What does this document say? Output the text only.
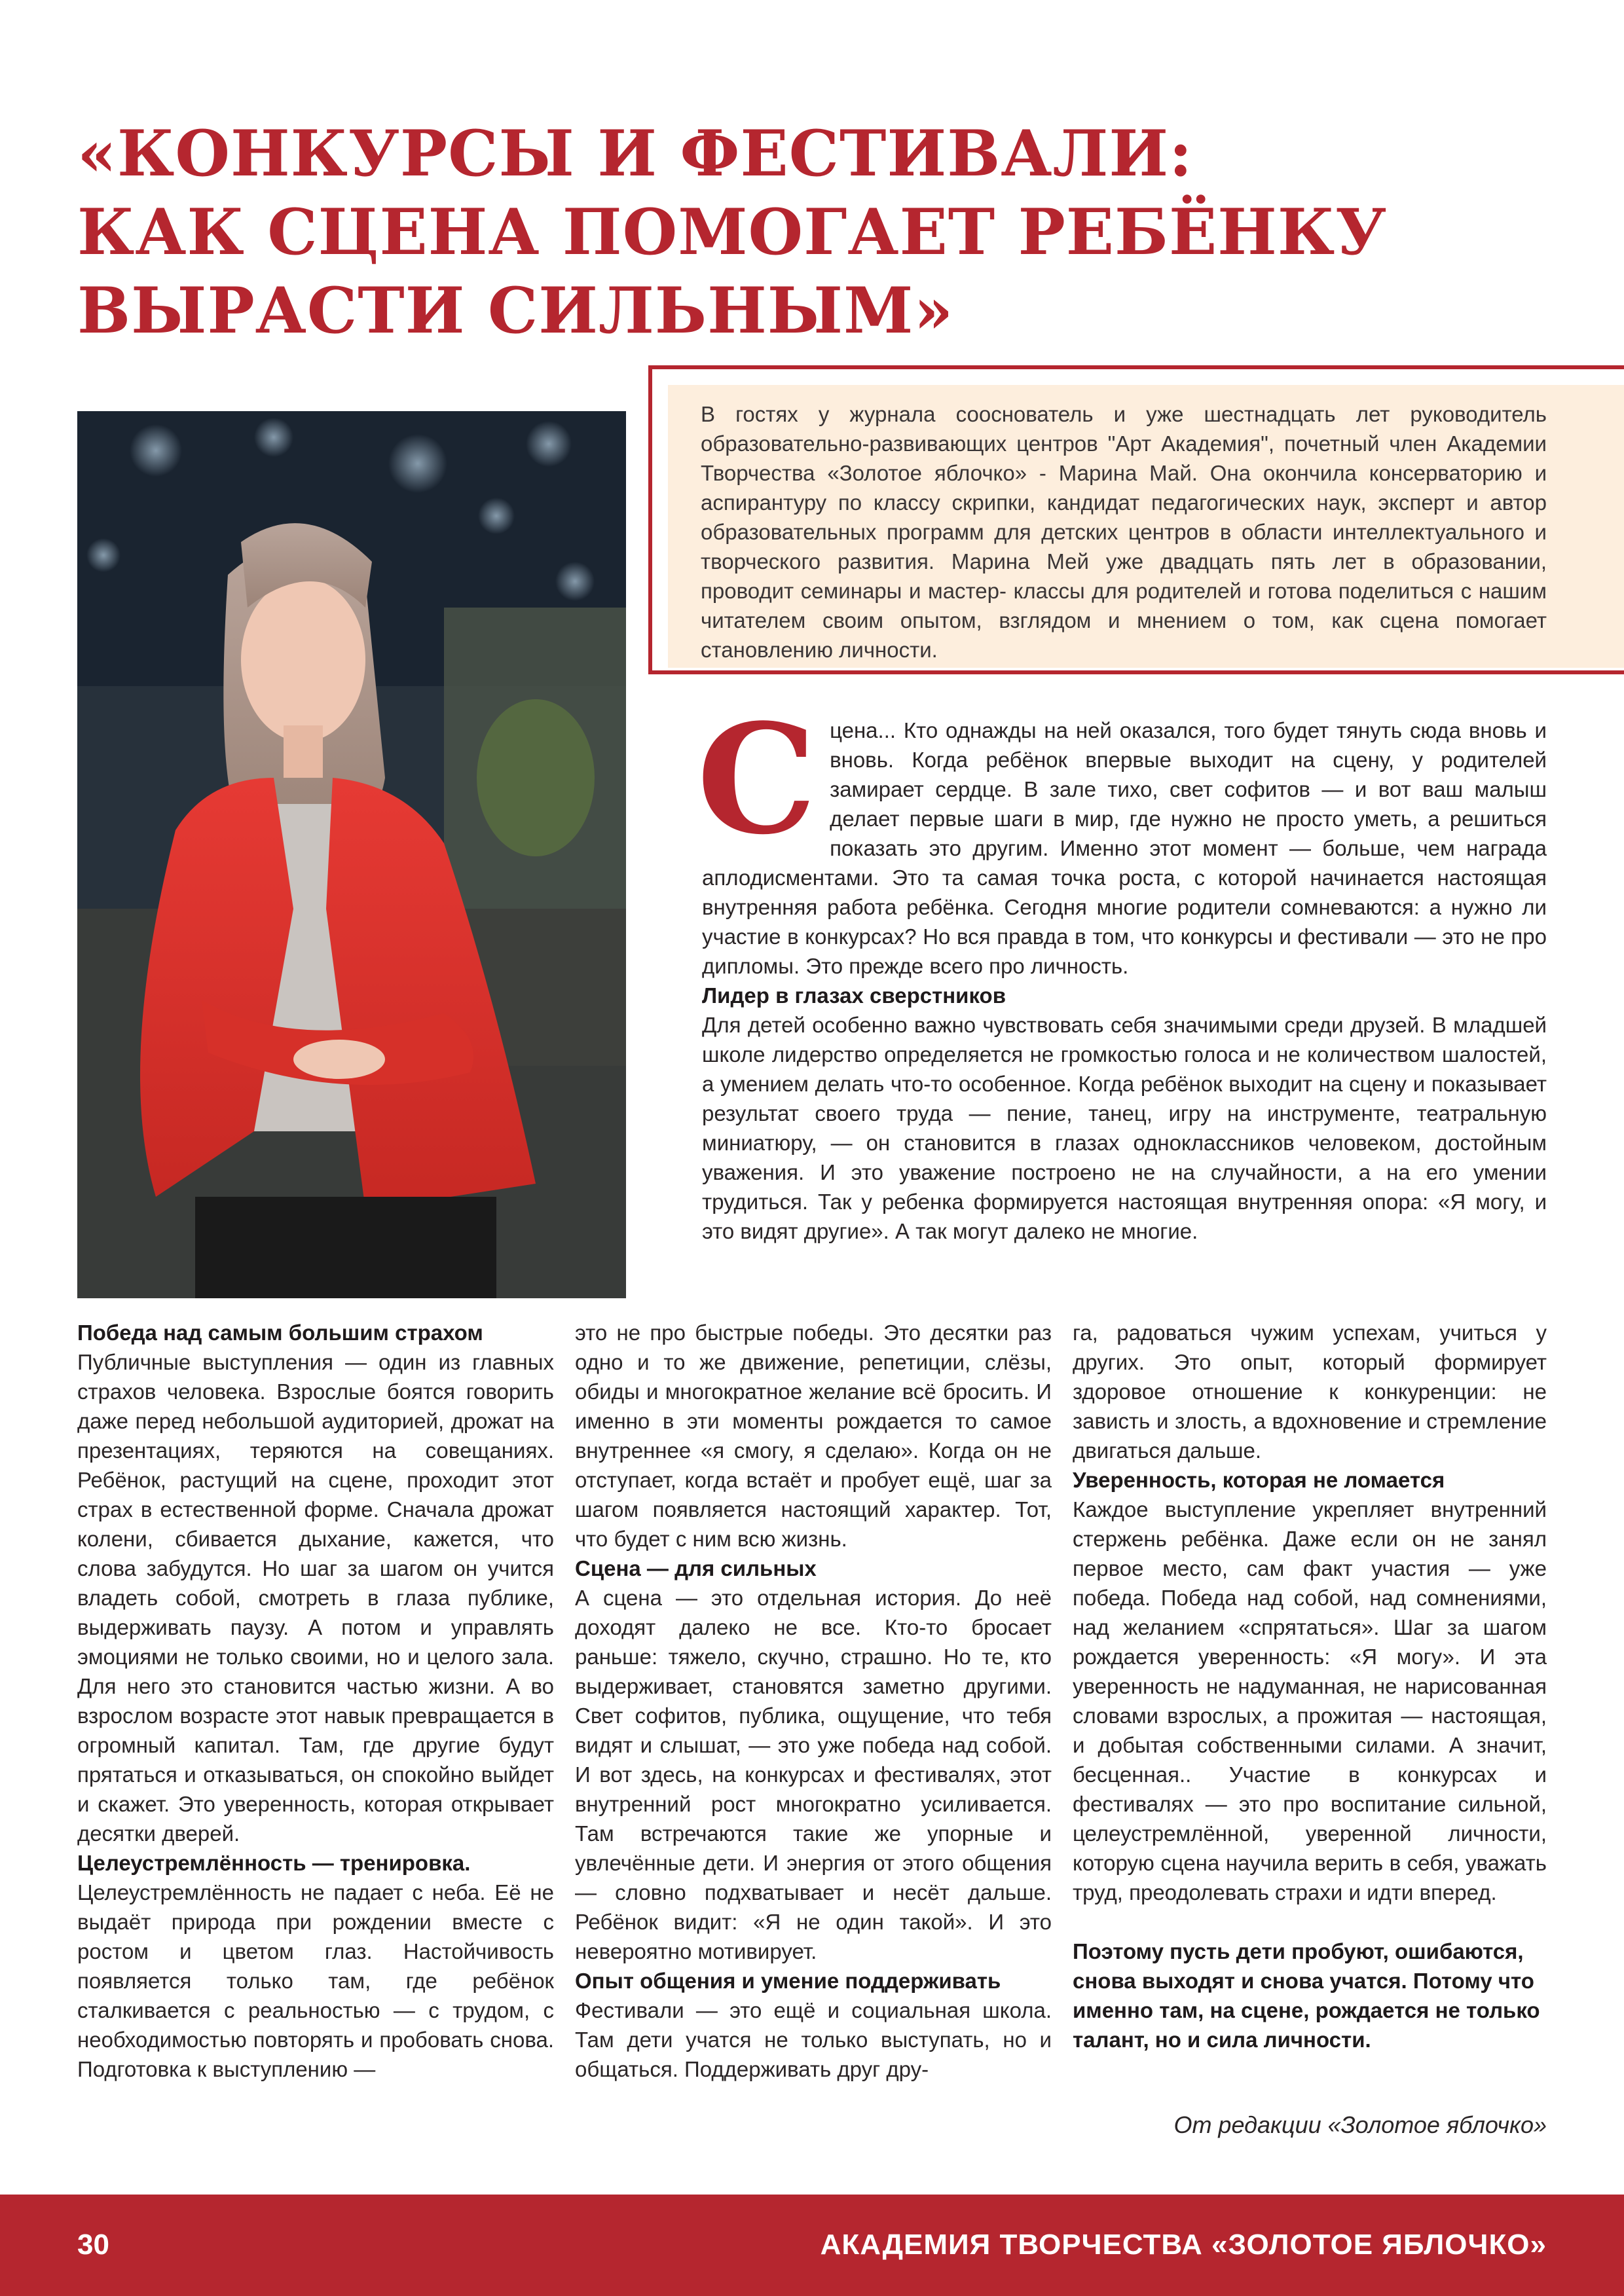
«КОНКУРСЫ И ФЕСТИВАЛИ:
КАК СЦЕНА ПОМОГАЕТ РЕБЁНКУ
ВЫРАСТИ СИЛЬНЫМ»

В гостях у журнала сооснователь и уже шестнадцать лет руководитель образовательно-развивающих центров "Арт Академия", почетный член Академии Творчества «Золотое яблочко» - Марина Май. Она окончила консерваторию и аспирантуру по классу скрипки, кандидат педагогических наук, эксперт и автор образовательных программ для детских центров в области интеллектуального и творческого развития. Марина Мей уже двадцать пять лет в образовании, проводит семинары и мастер- классы для родителей и готова поделиться с нашим читателем своим опытом, взглядом и мнением о том, как сцена помогает становлению личности.

С цена... Кто однажды на ней оказался, того будет тянуть сюда вновь и вновь. Когда ребёнок впервые выходит на сцену, у родителей замирает сердце. В зале тихо, свет софитов — и вот ваш малыш делает первые шаги в мир, где нужно не просто уметь, а решиться показать это другим. Именно этот момент — больше, чем награда аплодисментами. Это та самая точка роста, с которой начинается настоящая внутренняя работа ребёнка. Сегодня многие родители сомневаются: а нужно ли участие в конкурсах? Но вся правда в том, что конкурсы и фестивали — это не про дипломы. Это прежде всего про личность.

Лидер в глазах сверстников

Для детей особенно важно чувствовать себя значимыми среди друзей. В младшей школе лидерство определяется не громкостью голоса и не количеством шалостей, а умением делать что-то особенное. Когда ребёнок выходит на сцену и показывает результат своего труда — пение, танец, игру на инструменте, театральную миниатюру, — он становится в глазах одноклассников человеком, достойным уважения. И это уважение построено не на случайности, а на его умении трудиться. Так у ребенка формируется настоящая внутренняя опора: «Я могу, и это видят другие». А так могут далеко не многие.

Победа над самым большим страхом

Публичные выступления — один из главных страхов человека. Взрослые боятся говорить даже перед небольшой аудиторией, дрожат на презентациях, теряются на совещаниях. Ребёнок, растущий на сцене, проходит этот страх в естественной форме. Сначала дрожат колени, сбивается дыхание, кажется, что слова забудутся. Но шаг за шагом он учится владеть собой, смотреть в глаза публике, выдерживать паузу. А потом и управлять эмоциями не только своими, но и целого зала. Для него это становится частью жизни. А во взрослом возрасте этот навык превращается в огромный капитал. Там, где другие будут прятаться и отказываться, он спокойно выйдет и скажет. Это уверенность, которая открывает десятки дверей.

Целеустремлённость — тренировка.

Целеустремлённость не падает с неба. Её не выдаёт природа при рождении вместе с ростом и цветом глаз. Настойчивость появляется только там, где ребёнок сталкивается с реальностью — с трудом, с необходимостью повторять и пробовать снова. Подготовка к выступлению —

это не про быстрые победы. Это десятки раз одно и то же движение, репетиции, слёзы, обиды и многократное желание всё бросить. И именно в эти моменты рождается то самое внутреннее «я смогу, я сделаю». Когда он не отступает, когда встаёт и пробует ещё, шаг за шагом появляется настоящий характер. Тот, что будет с ним всю жизнь.

Сцена — для сильных

А сцена — это отдельная история. До неё доходят далеко не все. Кто-то бросает раньше: тяжело, скучно, страшно. Но те, кто выдерживает, становятся заметно другими. Свет софитов, публика, ощущение, что тебя видят и слышат, — это уже победа над собой. И вот здесь, на конкурсах и фестивалях, этот внутренний рост многократно усиливается. Там встречаются такие же упорные и увлечённые дети. И энергия от этого общения — словно подхватывает и несёт дальше. Ребёнок видит: «Я не один такой». И это невероятно мотивирует.

Опыт общения и умение поддерживать

Фестивали — это ещё и социальная школа. Там дети учатся не только выступать, но и общаться. Поддерживать друг дру-

га, радоваться чужим успехам, учиться у других. Это опыт, который формирует здоровое отношение к конкуренции: не зависть и злость, а вдохновение и стремление двигаться дальше.

Уверенность, которая не ломается

Каждое выступление укрепляет внутренний стержень ребёнка. Даже если он не занял первое место, сам факт участия — уже победа. Победа над собой, над сомнениями, над желанием «спрятаться». Шаг за шагом рождается уверенность: «Я могу». И эта уверенность не надуманная, не нарисованная словами взрослых, а прожитая — настоящая, и добытая собственными силами. А значит, бесценная.. Участие в конкурсах и фестивалях — это про воспитание сильной, целеустремлённой, уверенной личности, которую сцена научила верить в себя, уважать труд, преодолевать страхи и идти вперед.

Поэтому пусть дети пробуют, ошибаются, снова выходят и снова учатся. Потому что именно там, на сцене, рождается не только талант, но и сила личности.

От редакции «Золотое яблочко»
30	АКАДЕМИЯ ТВОРЧЕСТВА «ЗОЛОТОЕ ЯБЛОЧКО»
